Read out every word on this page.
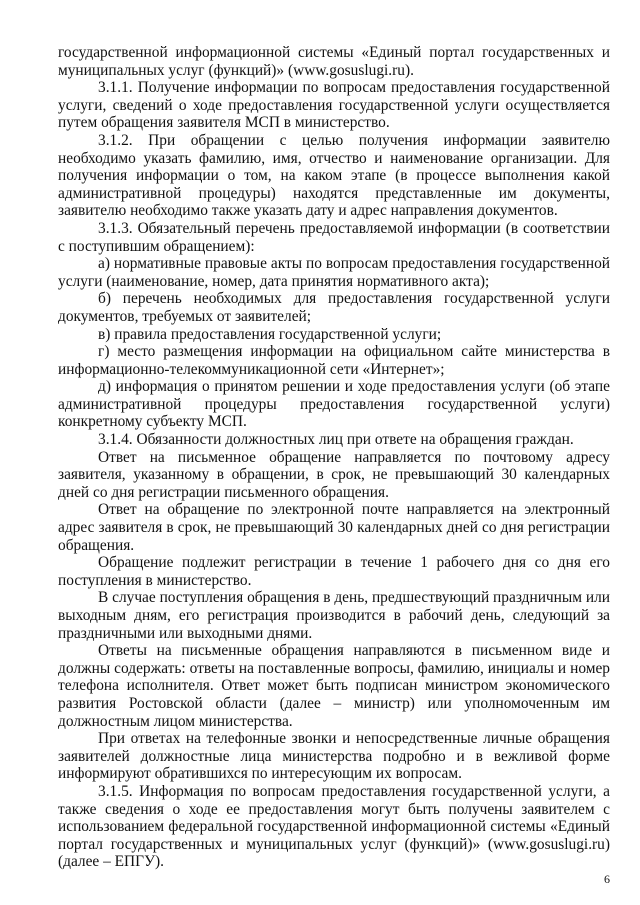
государственной информационной системы «Единый портал государственных и муниципальных услуг (функций)» (www.gosuslugi.ru).

3.1.1. Получение информации по вопросам предоставления государственной услуги, сведений о ходе предоставления государственной услуги осуществляется путем обращения заявителя МСП в министерство.

3.1.2. При обращении с целью получения информации заявителю необходимо указать фамилию, имя, отчество и наименование организации. Для получения информации о том, на каком этапе (в процессе выполнения какой административной процедуры) находятся представленные им документы, заявителю необходимо также указать дату и адрес направления документов.

3.1.3. Обязательный перечень предоставляемой информации (в соответствии с поступившим обращением):

а) нормативные правовые акты по вопросам предоставления государственной услуги (наименование, номер, дата принятия нормативного акта);

б) перечень необходимых для предоставления государственной услуги документов, требуемых от заявителей;

в) правила предоставления государственной услуги;

г) место размещения информации на официальном сайте министерства в информационно-телекоммуникационной сети «Интернет»;

д) информация о принятом решении и ходе предоставления услуги (об этапе административной процедуры предоставления государственной услуги) конкретному субъекту МСП.

3.1.4. Обязанности должностных лиц при ответе на обращения граждан.

Ответ на письменное обращение направляется по почтовому адресу заявителя, указанному в обращении, в срок, не превышающий 30 календарных дней со дня регистрации письменного обращения.

Ответ на обращение по электронной почте направляется на электронный адрес заявителя в срок, не превышающий 30 календарных дней со дня регистрации обращения.

Обращение подлежит регистрации в течение 1 рабочего дня со дня его поступления в министерство.

В случае поступления обращения в день, предшествующий праздничным или выходным дням, его регистрация производится в рабочий день, следующий за праздничными или выходными днями.

Ответы на письменные обращения направляются в письменном виде и должны содержать: ответы на поставленные вопросы, фамилию, инициалы и номер телефона исполнителя. Ответ может быть подписан министром экономического развития Ростовской области (далее – министр) или уполномоченным им должностным лицом министерства.

При ответах на телефонные звонки и непосредственные личные обращения заявителей должностные лица министерства подробно и в вежливой форме информируют обратившихся по интересующим их вопросам.

3.1.5. Информация по вопросам предоставления государственной услуги, а также сведения о ходе ее предоставления могут быть получены заявителем с использованием федеральной государственной информационной системы «Единый портал государственных и муниципальных услуг (функций)» (www.gosuslugi.ru) (далее – ЕПГУ).

6
